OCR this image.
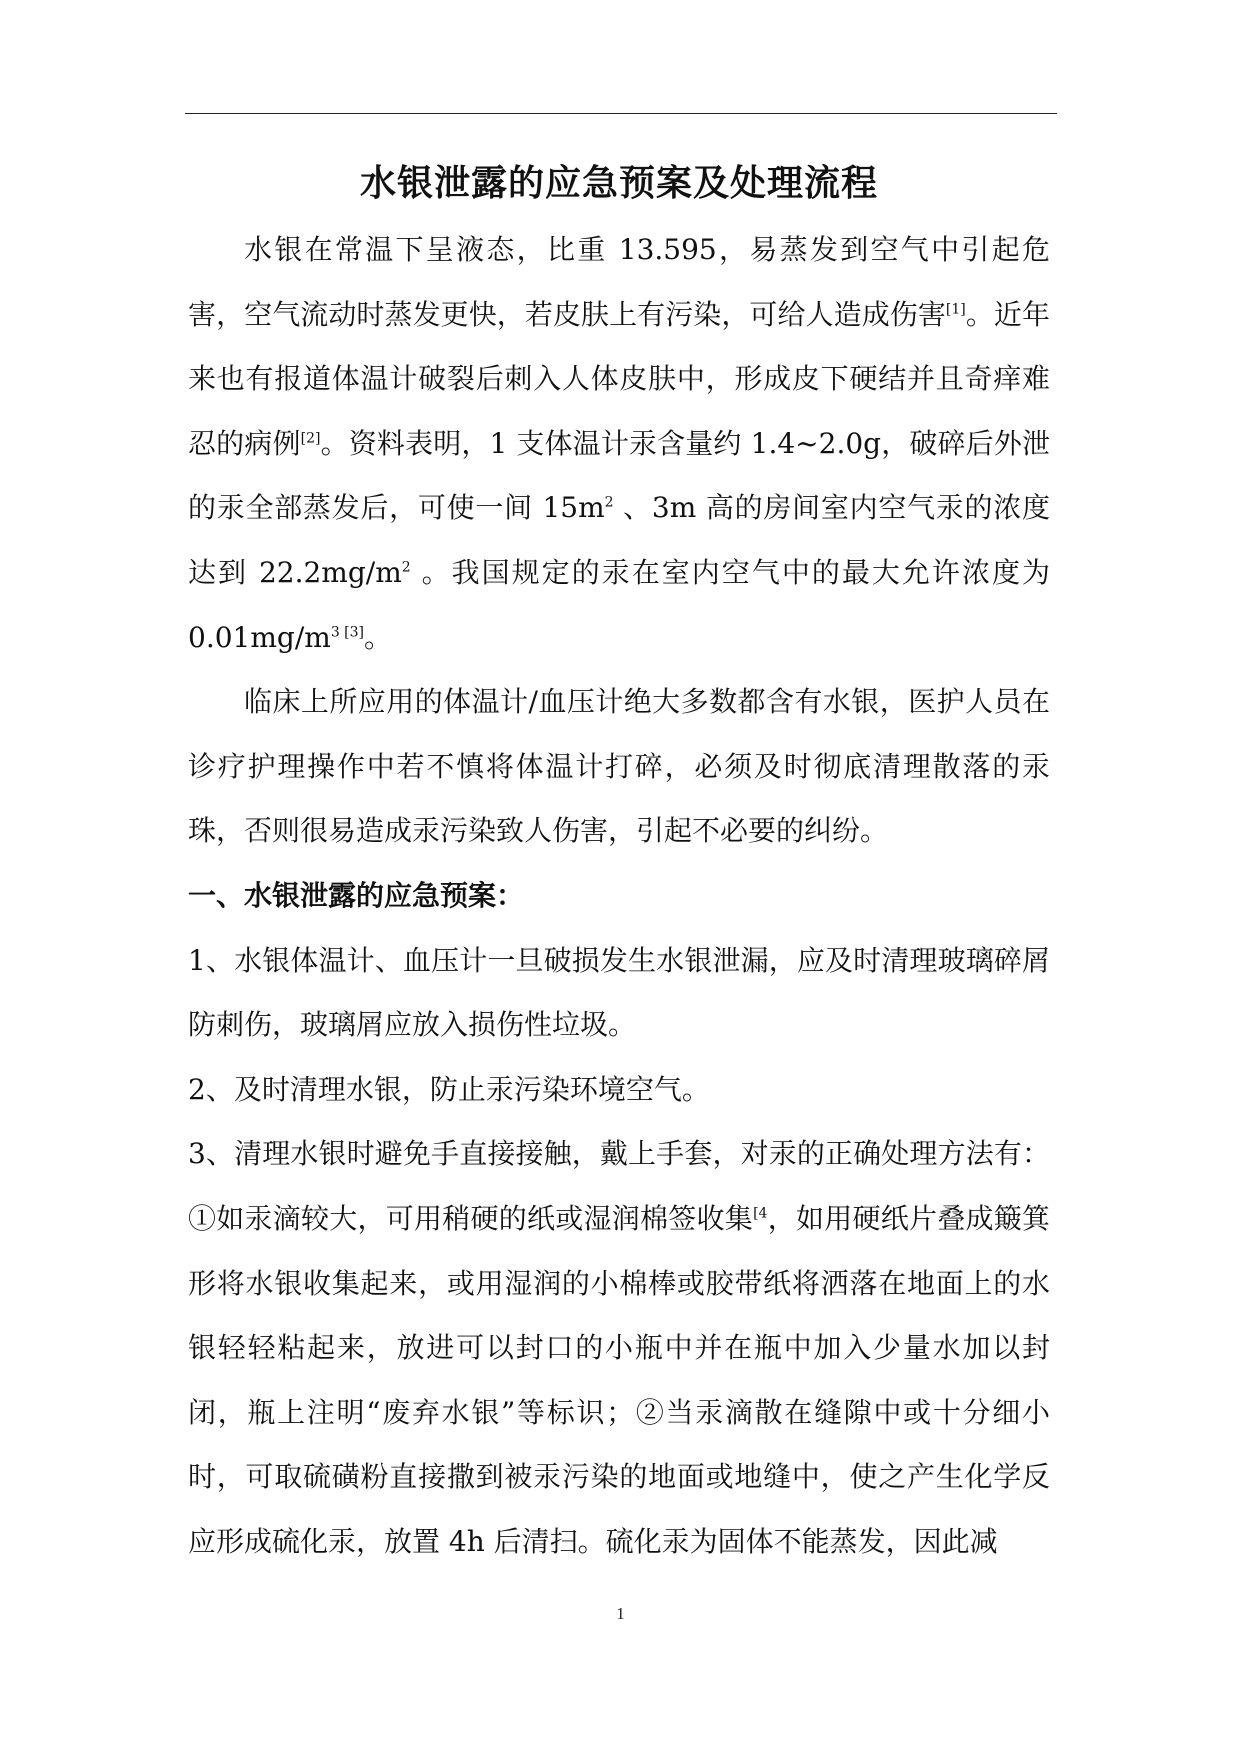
水银泄露的应急预案及处理流程

水银在常温下呈液态，比重 13.595，易蒸发到空气中引起危害，空气流动时蒸发更快，若皮肤上有污染，可给人造成伤害[1]。近年来也有报道体温计破裂后刺入人体皮肤中，形成皮下硬结并且奇痒难忍的病例[2]。资料表明，1 支体温计汞含量约 1.4~2.0g，破碎后外泄的汞全部蒸发后，可使一间 $15m^2$ 、3m 高的房间室内空气汞的浓度达到 $22.2mg/m^2$ 。我国规定的汞在室内空气中的最大允许浓度为 $0.01mg/m^3$ [3]。

临床上所应用的体温计/血压计绝大多数都含有水银，医护人员在诊疗护理操作中若不慎将体温计打碎，必须及时彻底清理散落的汞珠，否则很易造成汞污染致人伤害，引起不必要的纠纷。

一、水银泄露的应急预案：

1、水银体温计、血压计一旦破损发生水银泄漏，应及时清理玻璃碎屑防刺伤，玻璃屑应放入损伤性垃圾。

2、及时清理水银，防止汞污染环境空气。

3、清理水银时避免手直接接触，戴上手套，对汞的正确处理方法有：①如汞滴较大，可用稍硬的纸或湿润棉签收集$^{[4}$，如用硬纸片叠成簸箕形将水银收集起来，或用湿润的小棉棒或胶带纸将洒落在地面上的水银轻轻粘起来，放进可以封口的小瓶中并在瓶中加入少量水加以封闭，瓶上注明“废弃水银”等标识；②当汞滴散在缝隙中或十分细小时，可取硫磺粉直接撒到被汞污染的地面或地缝中，使之产生化学反应形成硫化汞，放置 4h 后清扫。硫化汞为固体不能蒸发，因此减

1
